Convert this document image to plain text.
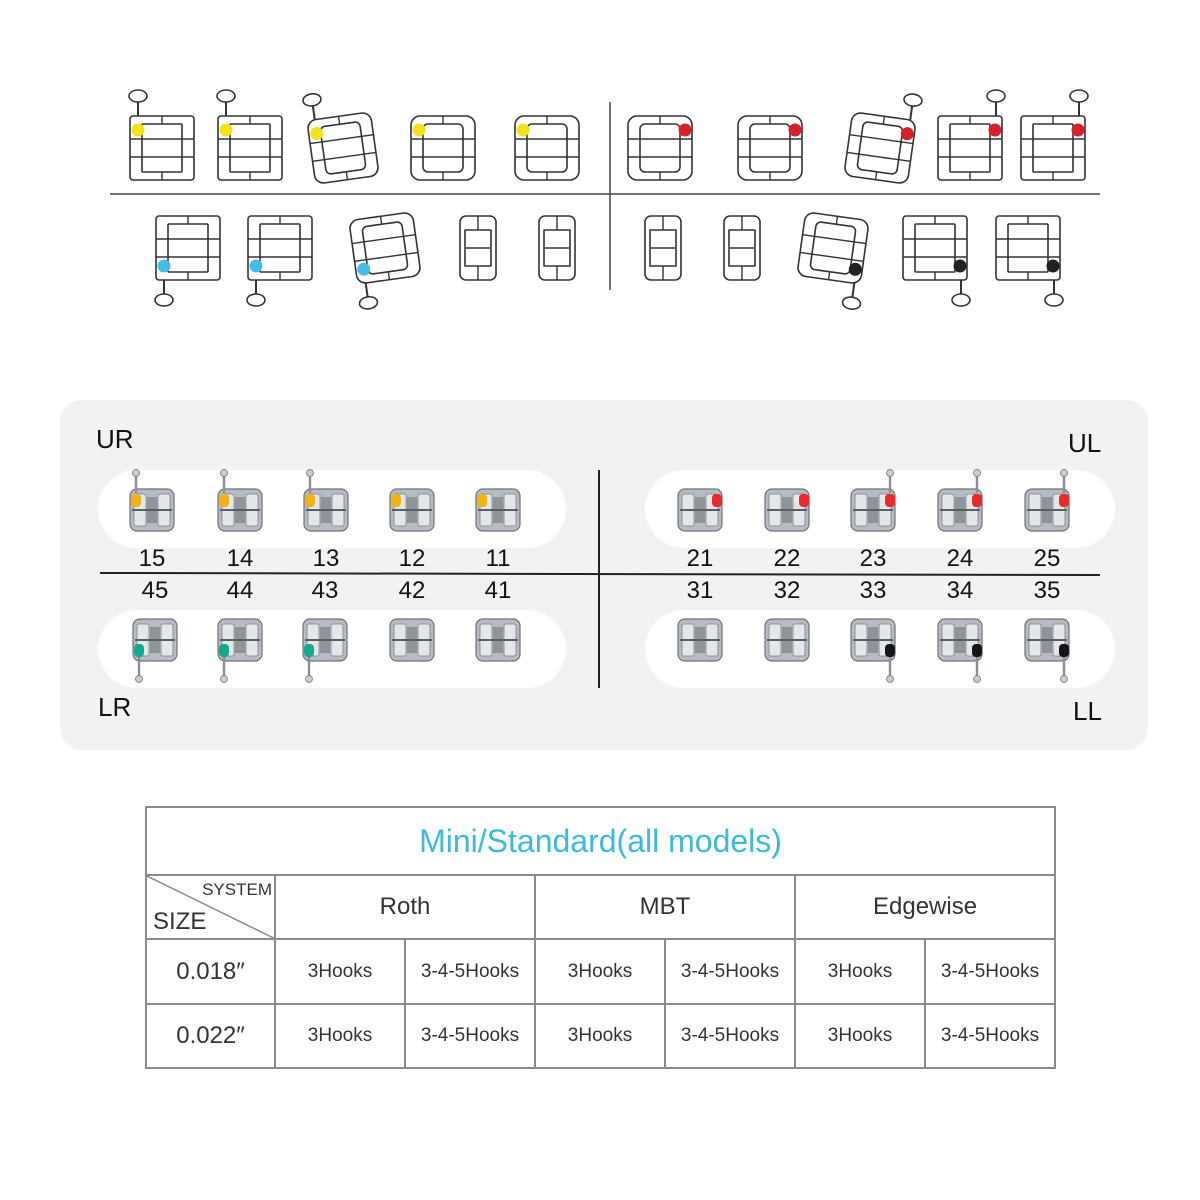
UR	UL
LR	LL
15	14 13 12	11	21	22 23	24	25
45 44 43	42 41	31	32 33	34	35
Mini/Standard(all models)						

SYSTEM
SIZE	Roth		MBT		Edgewise	
0.018″	3Hooks	3-4-5Hooks	3Hooks	3-4-5Hooks	3Hooks	3-4-5Hooks
0.022″	3Hooks	3-4-5Hooks	3Hooks	3-4-5Hooks	3Hooks	3-4-5Hooks
